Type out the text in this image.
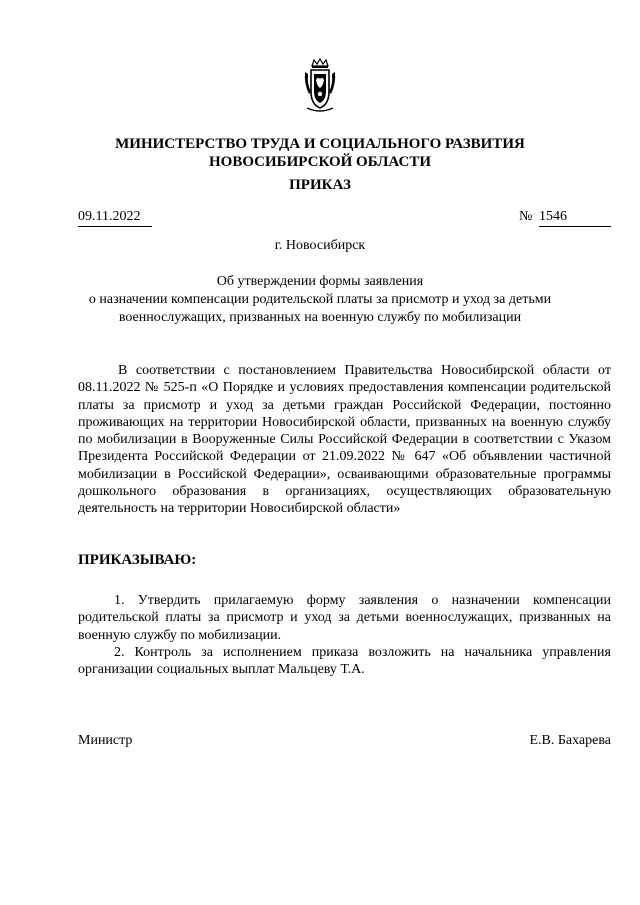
МИНИСТЕРСТВО ТРУДА И СОЦИАЛЬНОГО РАЗВИТИЯ
НОВОСИБИРСКОЙ ОБЛАСТИ
ПРИКАЗ
09.11.2022	№ 1546
г. Новосибирск
Об утверждении формы заявления
о назначении компенсации родительской платы за присмотр и уход за детьми
военнослужащих, призванных на военную службу по мобилизации
В соответствии с постановлением Правительства Новосибирской области от 08.11.2022 № 525-п «О Порядке и условиях предоставления компенсации родительской платы за присмотр и уход за детьми граждан Российской Федерации, постоянно проживающих на территории Новосибирской области, призванных на военную службу по мобилизации в Вооруженные Силы Российской Федерации в соответствии с Указом Президента Российской Федерации от 21.09.2022 № 647 «Об объявлении частичной мобилизации в Российской Федерации», осваивающими образовательные программы дошкольного образования в организациях, осуществляющих образовательную деятельность на территории Новосибирской области»
ПРИКАЗЫВАЮ:
1. Утвердить прилагаемую форму заявления о назначении компенсации родительской платы за присмотр и уход за детьми военнослужащих, призванных на военную службу по мобилизации.
2. Контроль за исполнением приказа возложить на начальника управления организации социальных выплат Мальцеву Т.А.
Министр	Е.В. Бахарева
